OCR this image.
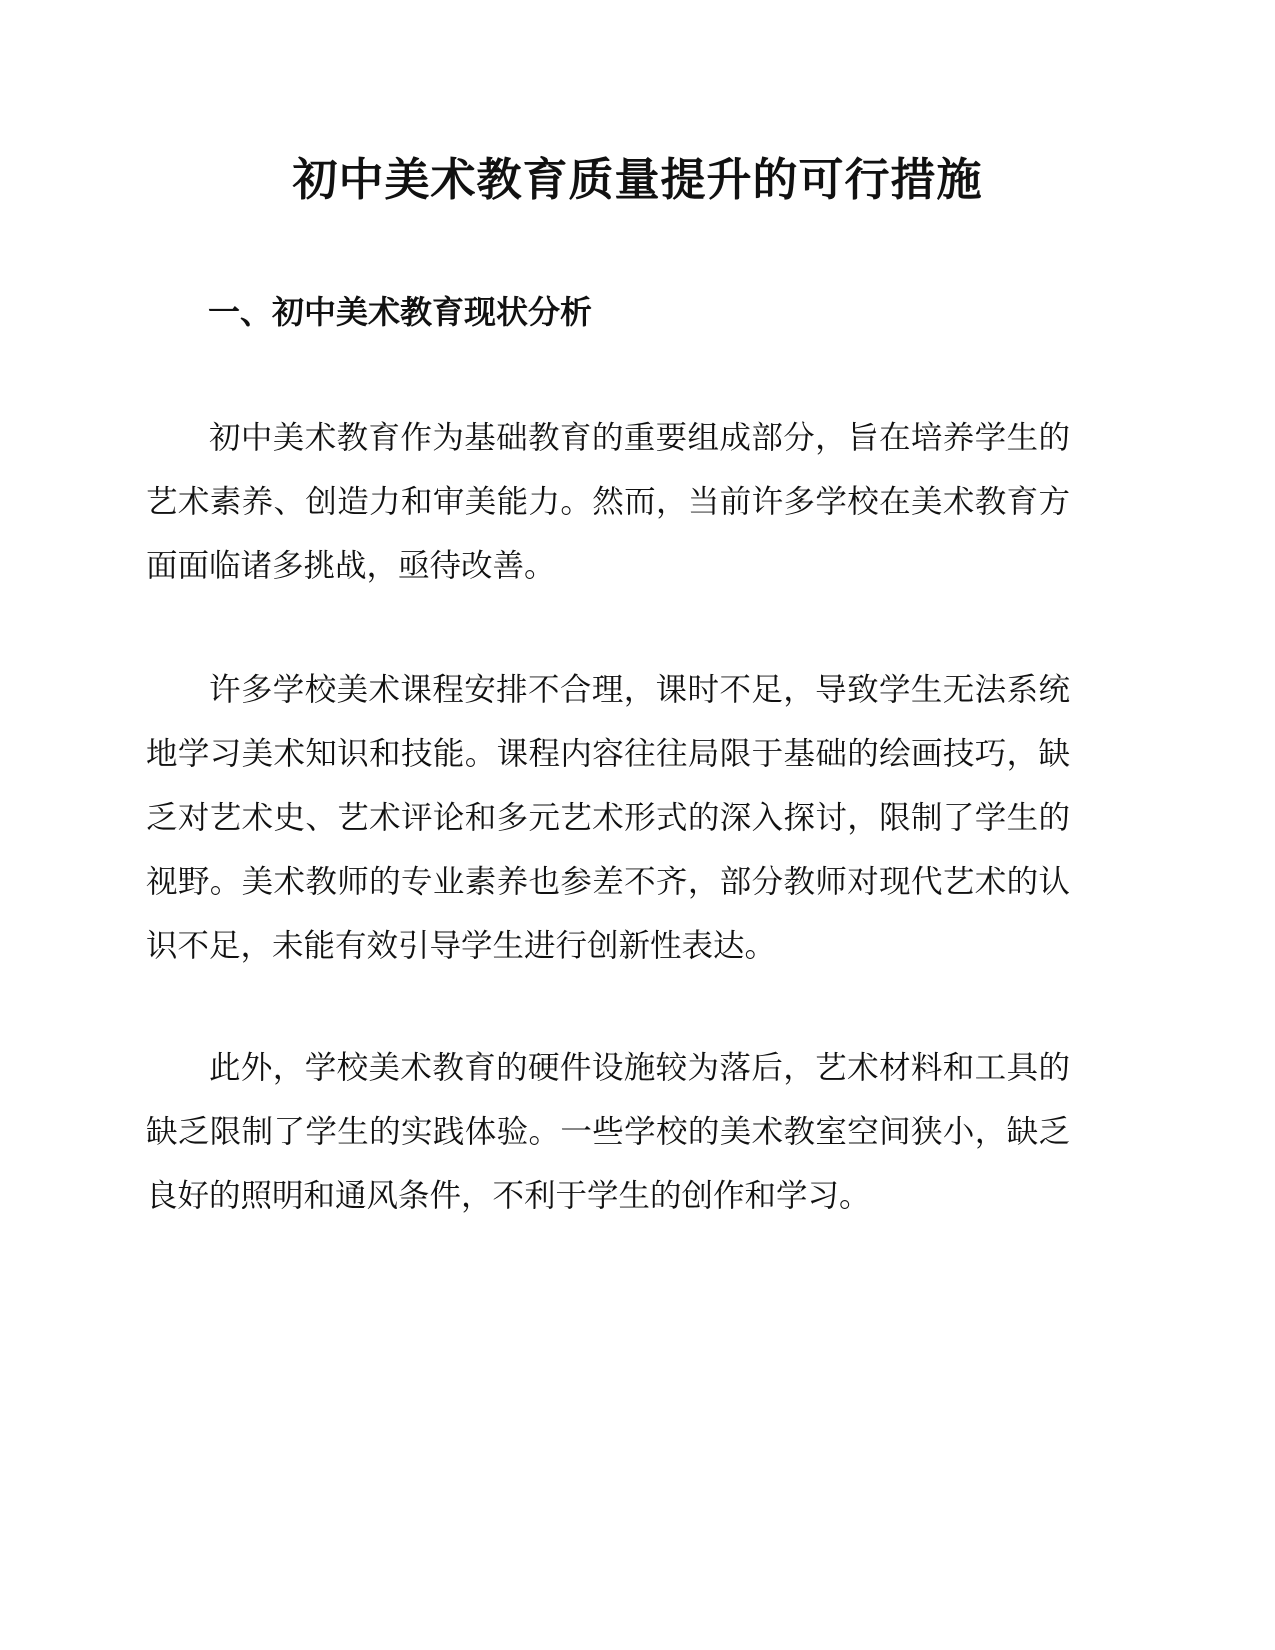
初中美术教育质量提升的可行措施
一、初中美术教育现状分析

初中美术教育作为基础教育的重要组成部分，旨在培养学生的艺术素养、创造力和审美能力。然而，当前许多学校在美术教育方面面临诸多挑战，亟待改善。

许多学校美术课程安排不合理，课时不足，导致学生无法系统地学习美术知识和技能。课程内容往往局限于基础的绘画技巧，缺乏对艺术史、艺术评论和多元艺术形式的深入探讨，限制了学生的视野。美术教师的专业素养也参差不齐，部分教师对现代艺术的认识不足，未能有效引导学生进行创新性表达。

此外，学校美术教育的硬件设施较为落后，艺术材料和工具的缺乏限制了学生的实践体验。一些学校的美术教室空间狭小，缺乏良好的照明和通风条件，不利于学生的创作和学习。
